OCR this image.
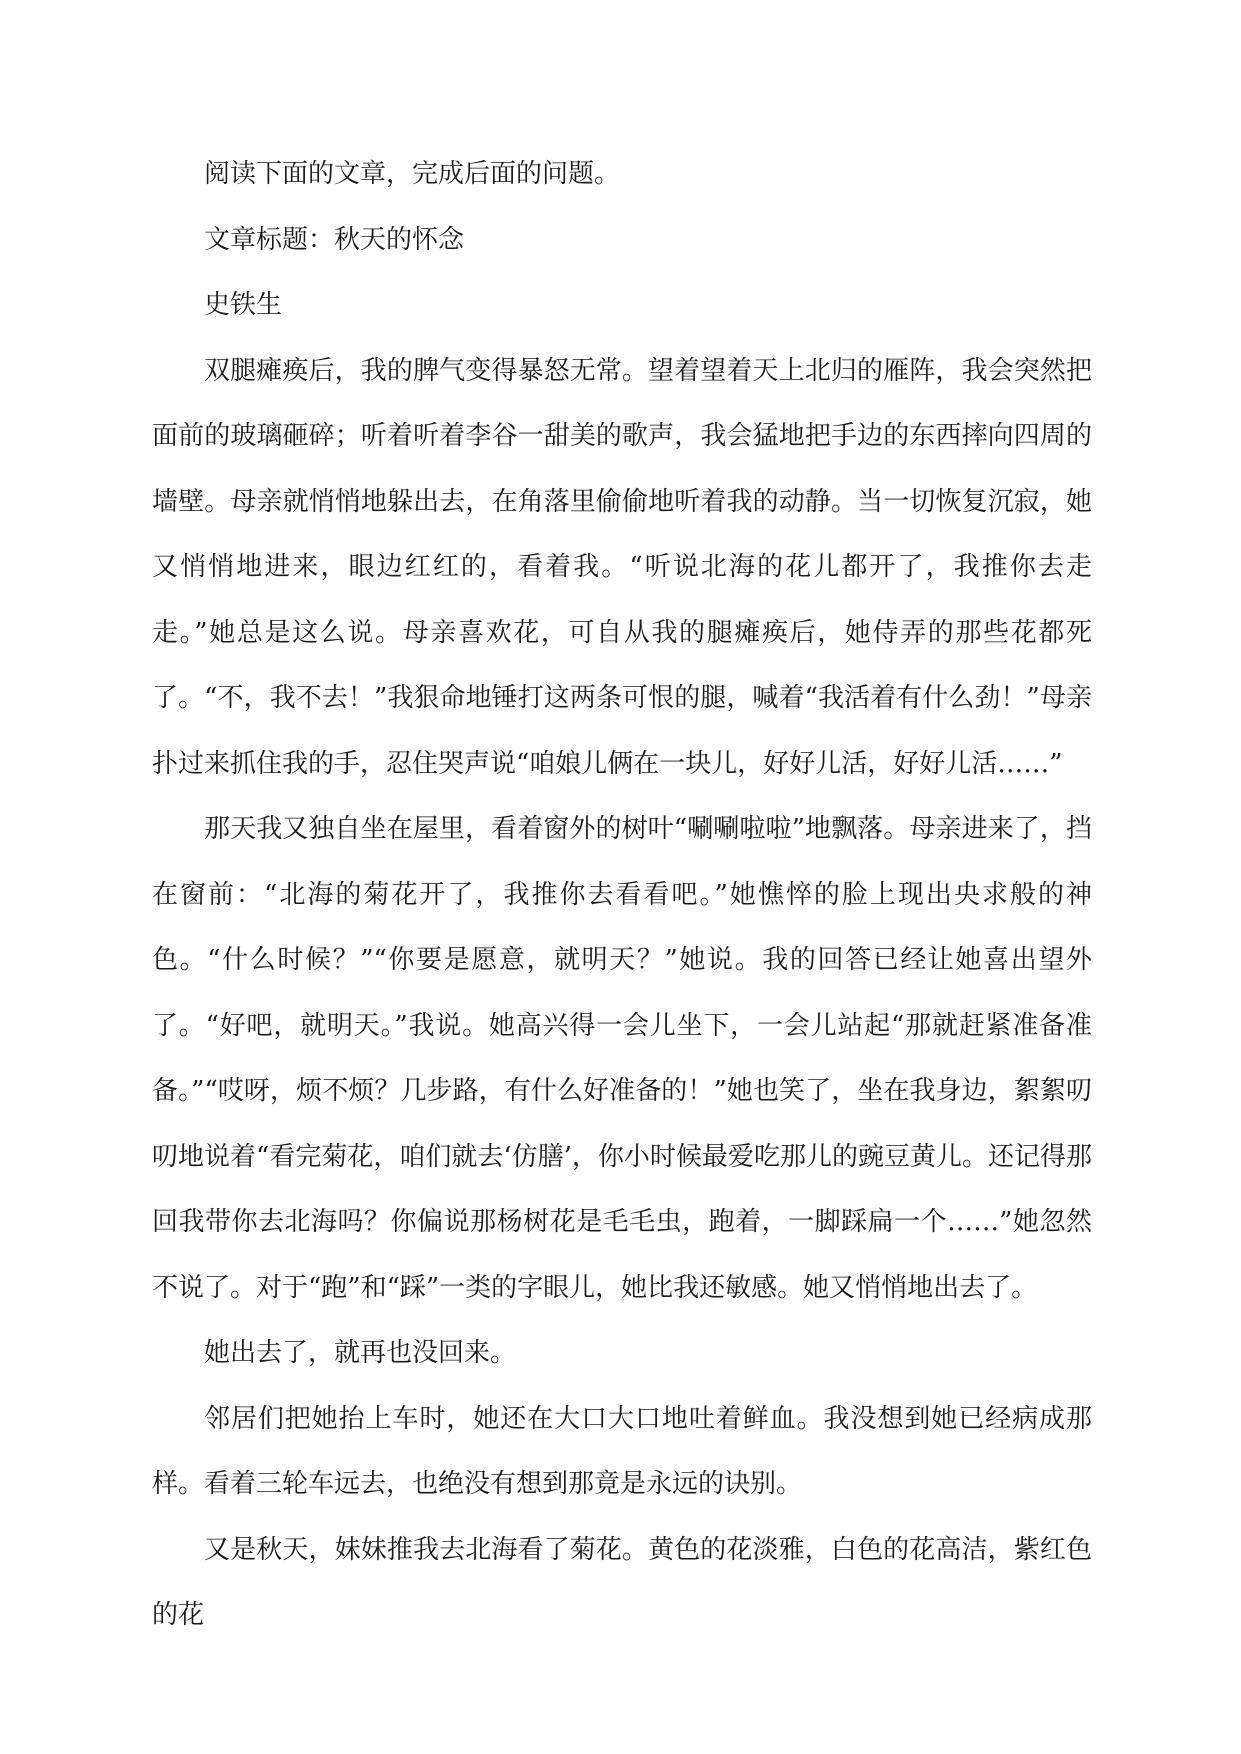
阅读下面的文章，完成后面的问题。

文章标题：秋天的怀念

史铁生

双腿瘫痪后，我的脾气变得暴怒无常。望着望着天上北归的雁阵，我会突然把面前的玻璃砸碎；听着听着李谷一甜美的歌声，我会猛地把手边的东西摔向四周的墙壁。母亲就悄悄地躲出去，在角落里偷偷地听着我的动静。当一切恢复沉寂，她又悄悄地进来，眼边红红的，看着我。“听说北海的花儿都开了，我推你去走走。”她总是这么说。母亲喜欢花，可自从我的腿瘫痪后，她侍弄的那些花都死了。“不，我不去！”我狠命地锤打这两条可恨的腿，喊着“我活着有什么劲！”母亲扑过来抓住我的手，忍住哭声说“咱娘儿俩在一块儿，好好儿活，好好儿活……”

那天我又独自坐在屋里，看着窗外的树叶“唰唰啦啦”地飘落。母亲进来了，挡在窗前：“北海的菊花开了，我推你去看看吧。”她憔悴的脸上现出央求般的神色。“什么时候？”“你要是愿意，就明天？”她说。我的回答已经让她喜出望外了。“好吧，就明天。”我说。她高兴得一会儿坐下，一会儿站起“那就赶紧准备准备。”“哎呀，烦不烦？几步路，有什么好准备的！”她也笑了，坐在我身边，絮絮叨叨地说着“看完菊花，咱们就去‘仿膳’，你小时候最爱吃那儿的豌豆黄儿。还记得那回我带你去北海吗？你偏说那杨树花是毛毛虫，跑着，一脚踩扁一个……”她忽然不说了。对于“跑”和“踩”一类的字眼儿，她比我还敏感。她又悄悄地出去了。

她出去了，就再也没回来。

邻居们把她抬上车时，她还在大口大口地吐着鲜血。我没想到她已经病成那样。看着三轮车远去，也绝没有想到那竟是永远的诀别。

又是秋天，妹妹推我去北海看了菊花。黄色的花淡雅，白色的花高洁，紫红色的花
